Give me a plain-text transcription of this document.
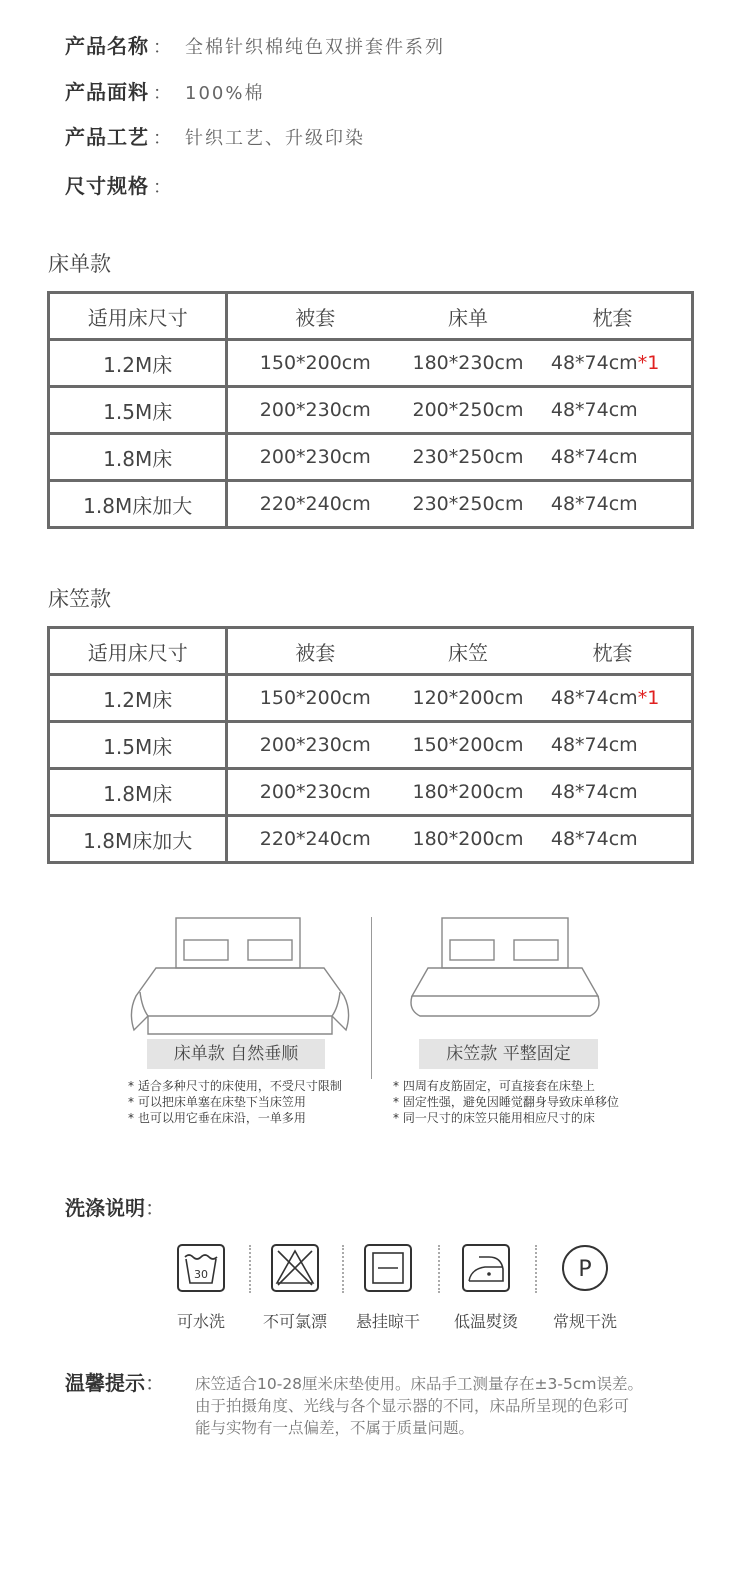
产品名称 ： 全棉针织棉纯色双拼套件系列
产品面料 ： 100%棉
产品工艺 ： 针织工艺、升级印染
尺寸规格 ：
床单款
适用床尺寸	被套	床单	枕套
1.2M床	150*200cm	180*230cm	48*74cm*1
1.5M床	200*230cm	200*250cm	48*74cm
1.8M床	200*230cm	230*250cm	48*74cm
1.8M床加大	220*240cm	230*250cm	48*74cm
床笠款
适用床尺寸	被套	床笠	枕套
1.2M床	150*200cm	120*200cm	48*74cm*1
1.5M床	200*230cm	150*200cm	48*74cm
1.8M床	200*230cm	180*200cm	48*74cm
1.8M床加大	220*240cm	180*200cm	48*74cm
床单款 自然垂顺
* 适合多种尺寸的床使用，不受尺寸限制
* 可以把床单塞在床垫下当床笠用
* 也可以用它垂在床沿，一单多用
床笠款 平整固定
* 四周有皮筋固定，可直接套在床垫上
* 固定性强，避免因睡觉翻身导致床单移位
* 同一尺寸的床笠只能用相应尺寸的床
洗涤说明：
30
可水洗	不可氯漂 悬挂晾干 低温熨烫
P
常规干洗
温馨提示： 床笠适合10-28厘米床垫使用。床品手工测量存在±3-5cm误差。
由于拍摄角度、光线与各个显示器的不同，床品所呈现的色彩可
能与实物有一点偏差，不属于质量问题。
